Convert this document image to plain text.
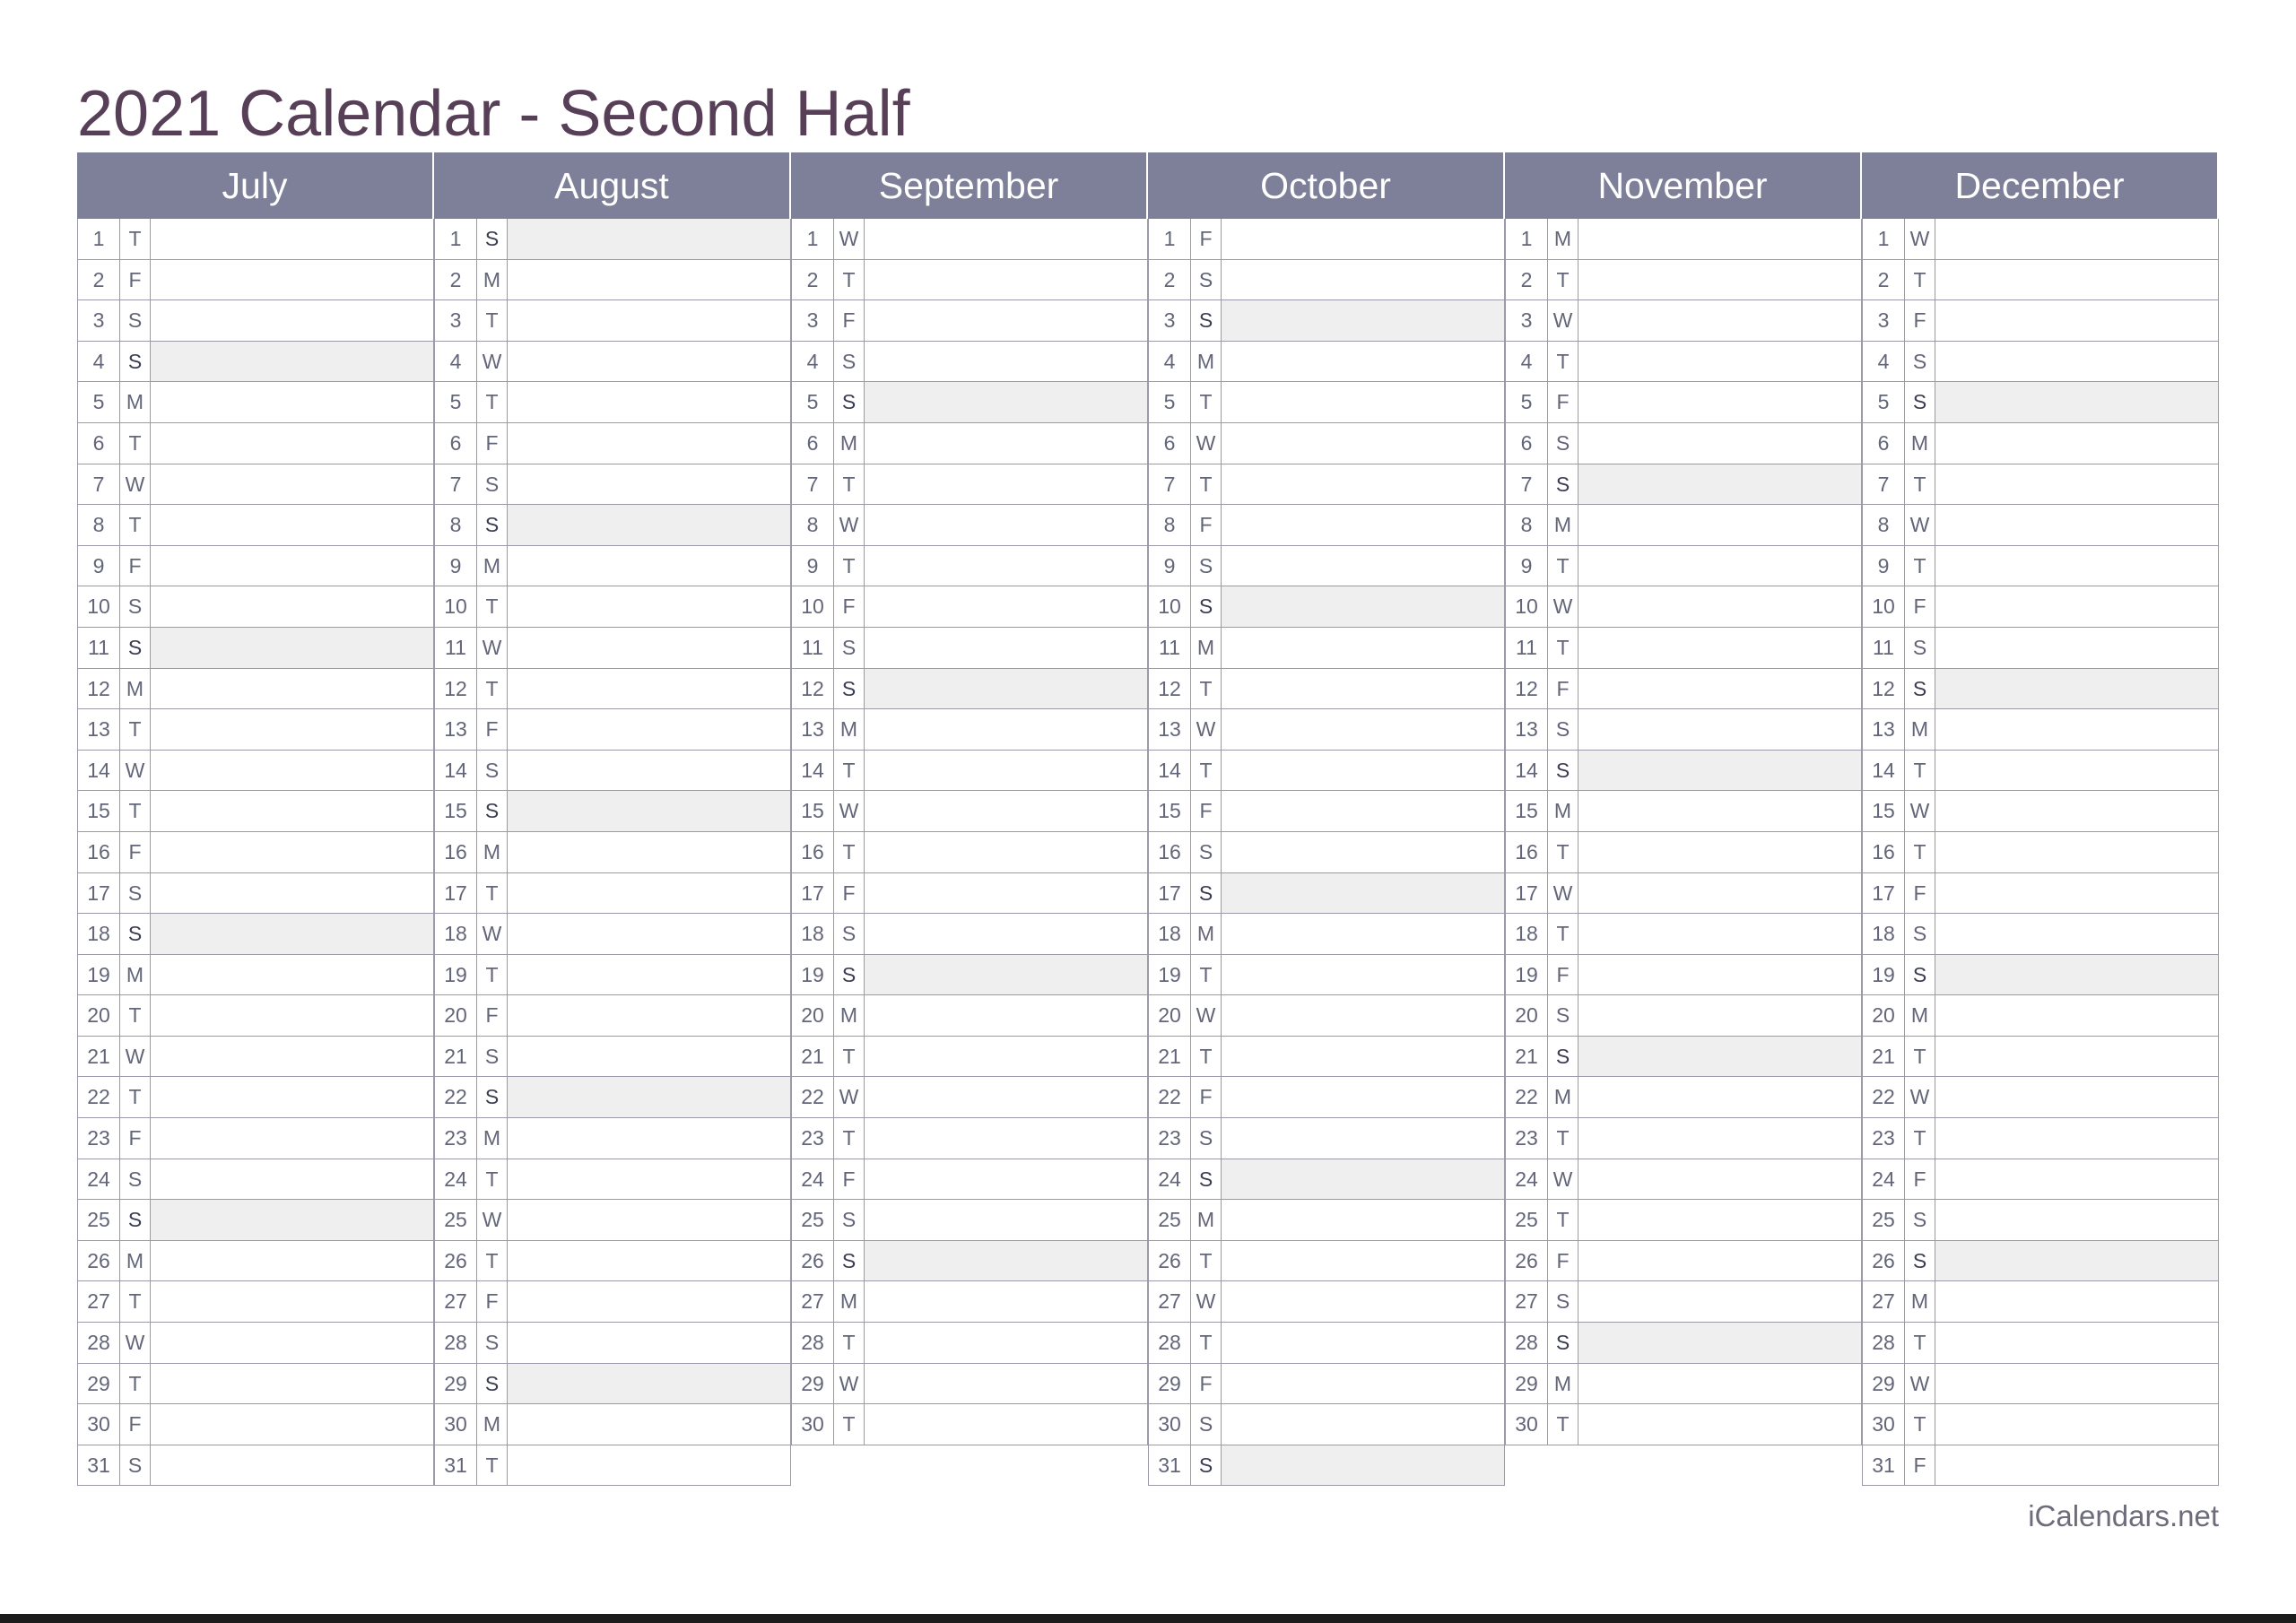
2021 Calendar - Second Half
July
1	T
2	F
3	S
4	S
5	M
6	T
7	W
8	T
9	F
10 S
11 S
12 M
13 T
14 W
15 T
16 F
17 S
18 S
19 M
20 T
21 W
22 T
23 F
24 S
25 S
26 M
27 T
28 W
29 T
30 F
31 S
August
1	S
2	M
3	T
4	W
5	T
6	F
7	S
8	S
9	M
10 T
11 W
12 T
13 F
14 S
15 S
16 M
17 T
18 W
19 T
20 F
21 S
22 S
23 M
24 T
25 W
26 T
27 F
28 S
29 S
30 M
31 T
September
1	W
2	T
3	F
4	S
5	S
6	M
7	T
8	W
9	T
10 F
11 S
12 S
13 M
14 T
15 W
16 T
17 F
18 S
19 S
20 M
21 T
22 W
23 T
24 F
25 S
26 S
27 M
28 T
29 W
30 T
October
1	F
2	S
3	S
4	M
5	T
6	W
7	T
8	F
9	S
10 S
11 M
12 T
13 W
14 T
15 F
16 S
17 S
18 M
19 T
20 W
21 T
22 F
23 S
24 S
25 M
26 T
27 W
28 T
29 F
30 S
31 S
November
1	M
2	T
3	W
4	T
5	F
6	S
7	S
8	M
9	T
10 W
11 T
12 F
13 S
14 S
15 M
16 T
17 W
18 T
19 F
20 S
21 S
22 M
23 T
24 W
25 T
26 F
27 S
28 S
29 M
30 T
December
1	W
2	T
3	F
4	S
5	S
6	M
7	T
8	W
9	T
10 F
11 S
12 S
13 M
14 T
15 W
16 T
17 F
18 S
19 S
20 M
21 T
22 W
23 T
24 F
25 S
26 S
27 M
28 T
29 W
30 T
31 F
iCalendars.net
